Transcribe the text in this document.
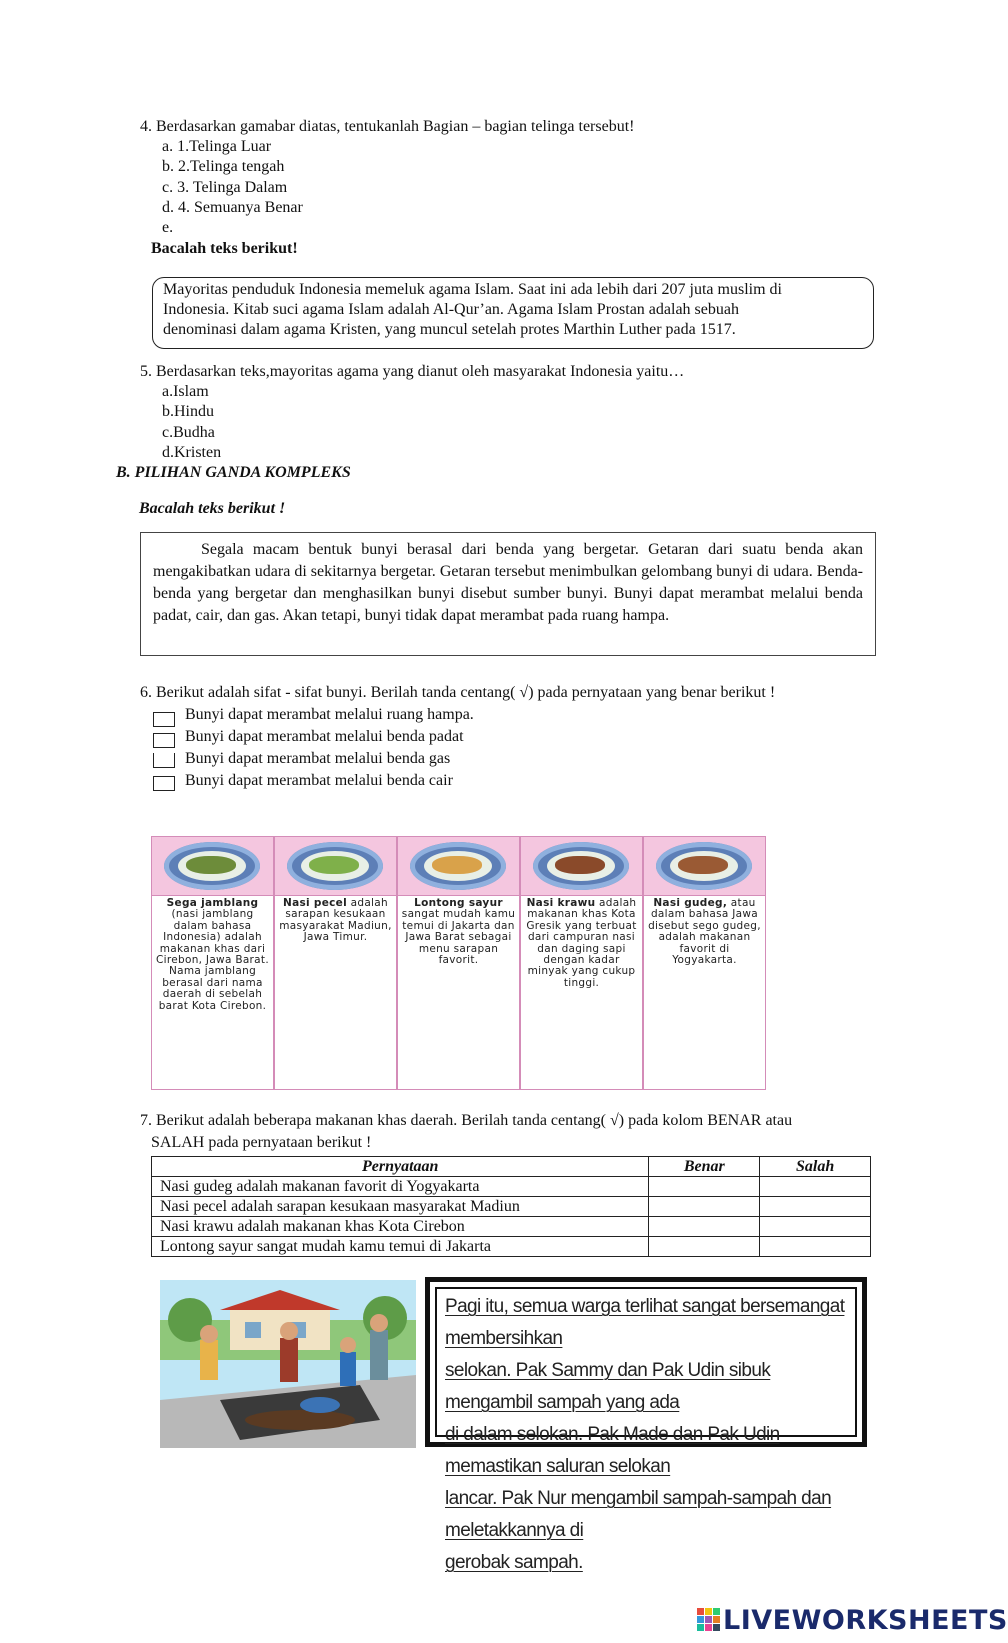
4. Berdasarkan gamabar diatas, tentukanlah Bagian – bagian telinga tersebut!
a. 1.Telinga Luar
b. 2.Telinga tengah
c. 3. Telinga Dalam
d. 4. Semuanya Benar
e.
Bacalah teks berikut!
Mayoritas penduduk Indonesia memeluk agama Islam. Saat ini ada lebih dari 207 juta muslim di
Indonesia. Kitab suci agama Islam adalah Al-Qur’an. Agama Islam Prostan adalah sebuah
denominasi dalam agama Kristen, yang muncul setelah protes Marthin Luther pada 1517.
5. Berdasarkan teks,mayoritas agama yang dianut oleh masyarakat Indonesia yaitu…
a.Islam
b.Hindu
c.Budha
d.Kristen
B. PILIHAN GANDA KOMPLEKS
Bacalah teks berikut !

Segala macam bentuk bunyi berasal dari benda yang bergetar. Getaran dari suatu benda akan mengakibatkan udara di sekitarnya bergetar. Getaran tersebut menimbulkan gelombang bunyi di udara. Benda-benda yang bergetar dan menghasilkan bunyi disebut sumber bunyi. Bunyi dapat merambat melalui benda padat, cair, dan gas. Akan tetapi, bunyi tidak dapat merambat pada ruang hampa.

6. Berikut adalah sifat - sifat bunyi. Berilah tanda centang( √) pada pernyataan yang benar berikut !
Bunyi dapat merambat melalui ruang hampa.
Bunyi dapat merambat melalui benda padat
Bunyi dapat merambat melalui benda gas
Bunyi dapat merambat melalui benda cair
Sega jamblang (nasi jamblang dalam bahasa Indonesia) adalah makanan khas dari Cirebon, Jawa Barat. Nama jamblang berasal dari nama daerah di sebelah barat Kota Cirebon.
Nasi pecel adalah sarapan kesukaan masyarakat Madiun, Jawa Timur.
Lontong sayur sangat mudah kamu temui di Jakarta dan Jawa Barat sebagai menu sarapan favorit.
Nasi krawu adalah makanan khas Kota Gresik yang terbuat dari campuran nasi dan daging sapi dengan kadar minyak yang cukup tinggi.
Nasi gudeg, atau dalam bahasa Jawa disebut sego gudeg, adalah makanan favorit di Yogyakarta.
7. Berikut adalah beberapa makanan khas daerah. Berilah tanda centang( √) pada kolom BENAR atau
SALAH pada pernyataan berikut !
Pernyataan	Benar	Salah
Nasi gudeg adalah makanan favorit di Yogyakarta		
Nasi pecel adalah sarapan kesukaan masyarakat Madiun		
Nasi krawu adalah makanan khas Kota Cirebon		
Lontong sayur sangat mudah kamu temui di Jakarta		
Pagi itu, semua warga terlihat sangat bersemangat membersihkan
selokan. Pak Sammy dan Pak Udin sibuk mengambil sampah yang ada
di dalam selokan. Pak Made dan Pak Udin memastikan saluran selokan
lancar. Pak Nur mengambil sampah-sampah dan meletakkannya di
gerobak sampah.
LIVEWORKSHEETS
